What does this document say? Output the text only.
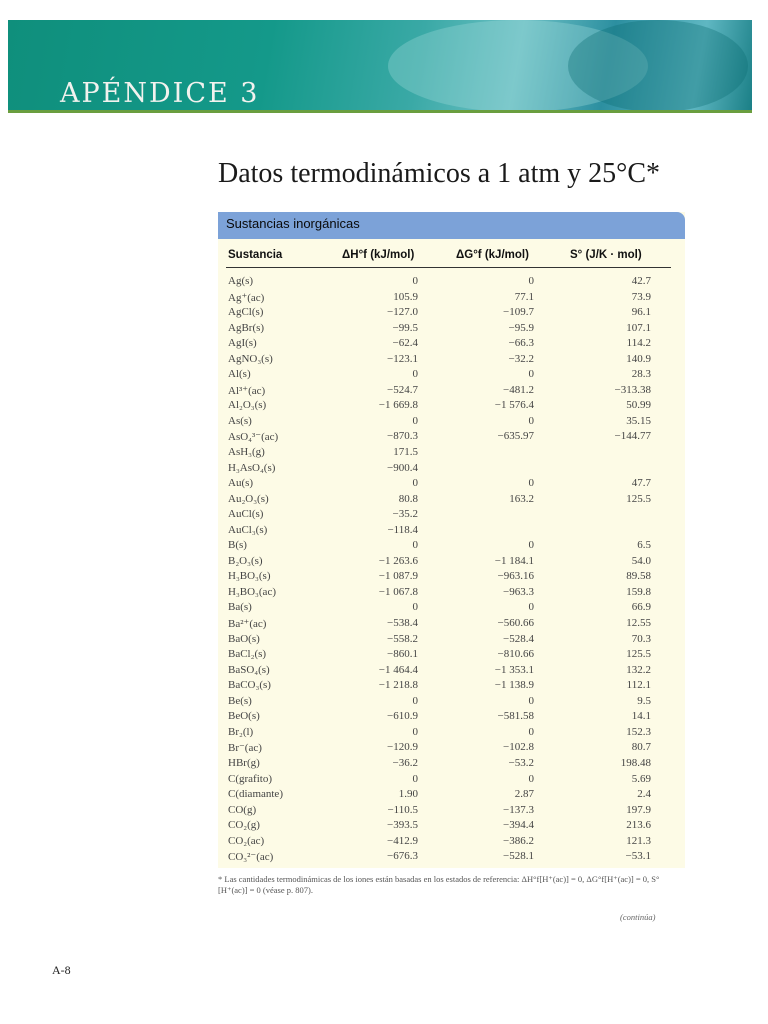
APÉNDICE 3
Datos termodinámicos a 1 atm y 25°C*
Sustancias inorgánicas
Sustancia	ΔH°f (kJ/mol)	ΔG°f (kJ/mol)	S° (J/K · mol)
Ag(s)	0	0	42.7
Ag⁺(ac)	105.9	77.1	73.9
AgCl(s)	−127.0	−109.7	96.1
AgBr(s)	−99.5	−95.9	107.1
AgI(s)	−62.4	−66.3	114.2
AgNO₃(s)	−123.1	−32.2	140.9
Al(s)	0	0	28.3
Al³⁺(ac)	−524.7	−481.2	−313.38
Al₂O₃(s)	−1 669.8	−1 576.4	50.99
As(s)	0	0	35.15
AsO₄³⁻(ac)	−870.3	−635.97	−144.77
AsH₃(g)	171.5
H₃AsO₄(s)	−900.4
Au(s)	0	0	47.7
Au₂O₃(s)	80.8	163.2	125.5
AuCl(s)	−35.2
AuCl₃(s)	−118.4
B(s)	0	0	6.5
B₂O₃(s)	−1 263.6	−1 184.1	54.0
H₃BO₃(s)	−1 087.9	−963.16	89.58
H₃BO₃(ac)	−1 067.8	−963.3	159.8
Ba(s)	0	0	66.9
Ba²⁺(ac)	−538.4	−560.66	12.55
BaO(s)	−558.2	−528.4	70.3
BaCl₂(s)	−860.1	−810.66	125.5
BaSO₄(s)	−1 464.4	−1 353.1	132.2
BaCO₃(s)	−1 218.8	−1 138.9	112.1
Be(s)	0	0	9.5
BeO(s)	−610.9	−581.58	14.1
Br₂(l)	0	0	152.3
Br⁻(ac)	−120.9	−102.8	80.7
HBr(g)	−36.2	−53.2	198.48
C(grafito)	0	0	5.69
C(diamante)	1.90	2.87	2.4
CO(g)	−110.5	−137.3	197.9
CO₂(g)	−393.5	−394.4	213.6
CO₂(ac)	−412.9	−386.2	121.3
CO₃²⁻(ac)	−676.3	−528.1	−53.1
* Las cantidades termodinámicas de los iones están basadas en los estados de referencia: ΔH°f[H⁺(ac)] = 0, ΔG°f[H⁺(ac)] = 0, S°[H⁺(ac)] = 0 (véase p. 807).
(continúa)
A-8
